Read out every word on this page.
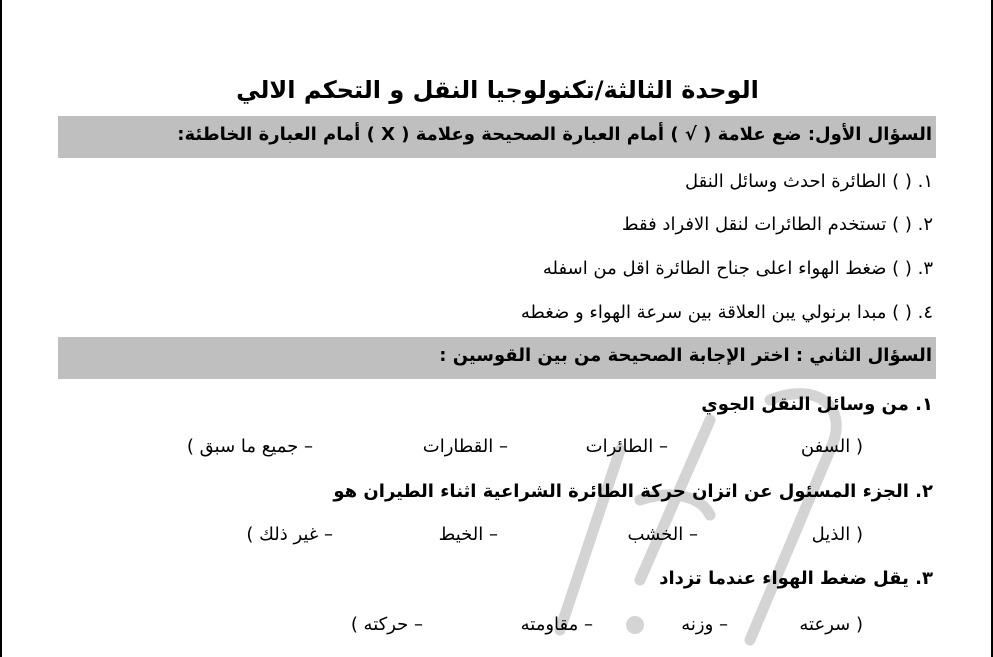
الوحدة الثالثة/تكنولوجيا النقل و التحكم الالي
السؤال الأول: ضع علامة ( √ ) أمام العبارة الصحيحة وعلامة ( X ) أمام العبارة الخاطئة:
١. ( ) الطائرة احدث وسائل النقل
٢. ( ) تستخدم الطائرات لنقل الافراد فقط
٣. ( ) ضغط الهواء اعلى جناح الطائرة اقل من اسفله
٤. ( ) مبدا برنولي يبن العلاقة بين سرعة الهواء و ضغطه
السؤال الثاني : اختر الإجابة الصحيحة من بين القوسين :
١. من وسائل النقل الجوي
( السفن
– الطائرات
– القطارات
– جميع ما سبق )
٢. الجزء المسئول عن اتزان حركة الطائرة الشراعية اثناء الطيران هو
( الذيل
– الخشب
– الخيط
– غير ذلك )
٣. يقل ضغط الهواء عندما تزداد
( سرعته
– وزنه
– مقاومته
– حركته )
